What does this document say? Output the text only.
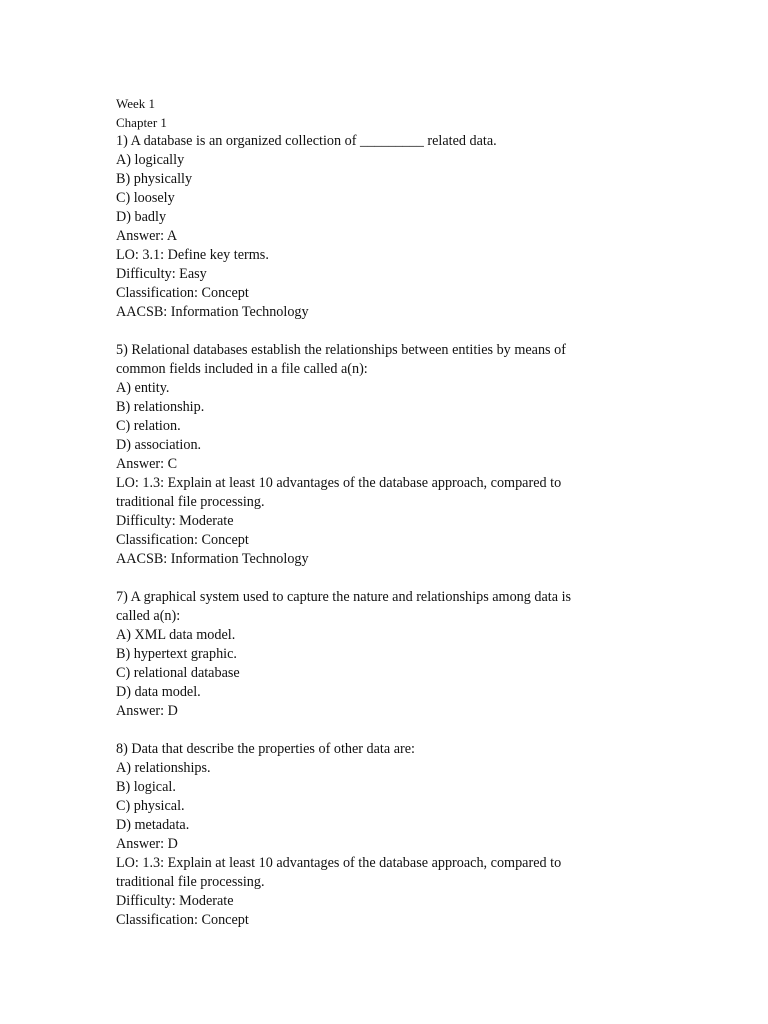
Week 1
Chapter 1
1) A database is an organized collection of _________ related data.
A) logically
B) physically
C) loosely
D) badly
Answer: A
LO: 3.1: Define key terms.
Difficulty: Easy
Classification: Concept
AACSB: Information Technology
5) Relational databases establish the relationships between entities by means of
common fields included in a file called a(n):
A) entity.
B) relationship.
C) relation.
D) association.
Answer: C
LO: 1.3: Explain at least 10 advantages of the database approach, compared to
traditional file processing.
Difficulty: Moderate
Classification: Concept
AACSB: Information Technology
7) A graphical system used to capture the nature and relationships among data is
called a(n):
A) XML data model.
B) hypertext graphic.
C) relational database
D) data model.
Answer: D
8) Data that describe the properties of other data are:
A) relationships.
B) logical.
C) physical.
D) metadata.
Answer: D
LO: 1.3: Explain at least 10 advantages of the database approach, compared to
traditional file processing.
Difficulty: Moderate
Classification: Concept
